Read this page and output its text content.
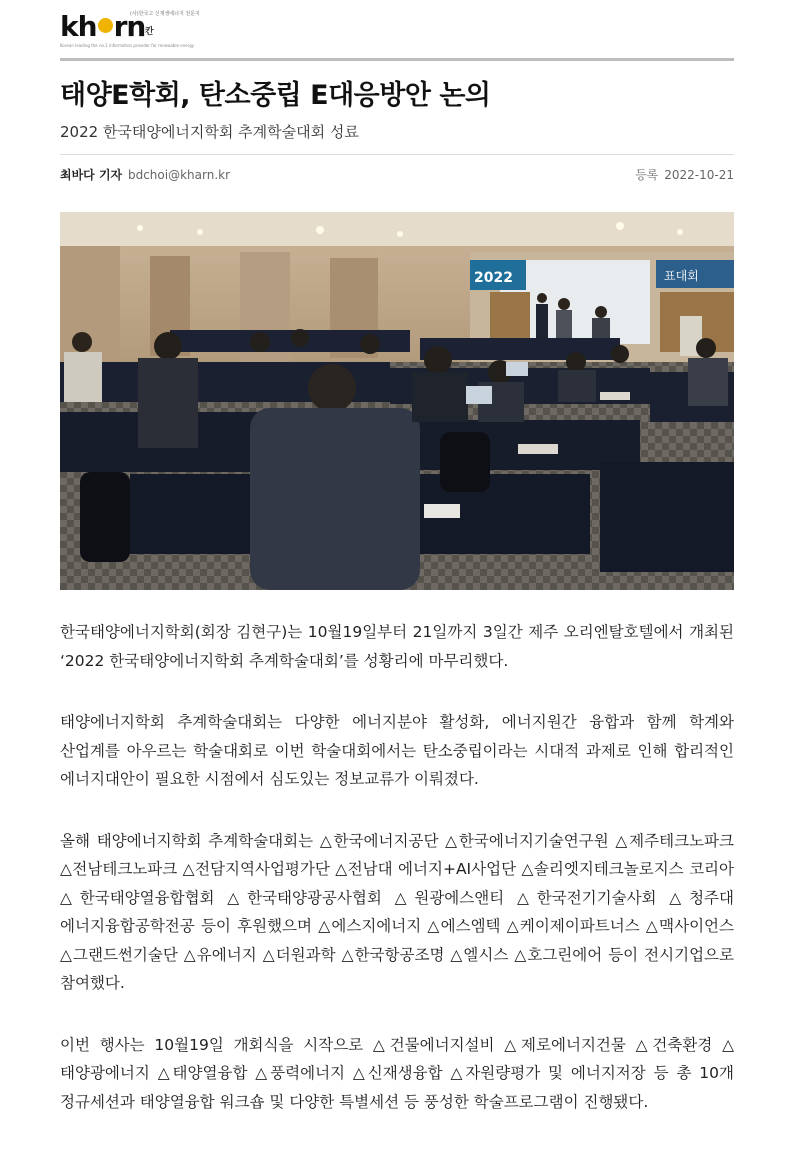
kh rn
(사)한국고 신재생에너지 전문지
칸
Korean leading the no.1 information provider for renewable energy
태양E학회, 탄소중립 E대응방안 논의
2022 한국태양에너지학회 추계학술대회 성료
최바다 기자 bdchoi@kharn.kr	등록 2022-10-21
2022	표대회

한국태양에너지학회(회장 김현구)는 10월19일부터 21일까지 3일간 제주 오리엔탈호텔에서 개최된 ‘2022 한국태양에너지학회 추계학술대회’를 성황리에 마무리했다.

태양에너지학회 추계학술대회는 다양한 에너지분야 활성화, 에너지원간 융합과 함께 학계와 산업계를 아우르는 학술대회로 이번 학술대회에서는 탄소중립이라는 시대적 과제로 인해 합리적인 에너지대안이 필요한 시점에서 심도있는 정보교류가 이뤄졌다.

올해 태양에너지학회 추계학술대회는 △한국에너지공단 △한국에너지기술연구원 △제주테크노파크 △전남테크노파크 △전담지역사업평가단 △전남대 에너지+AI사업단 △솔리엣지테크놀로지스 코리아 △한국태양열융합협회 △한국태양광공사협회 △원광에스앤티 △한국전기기술사회 △청주대 에너지융합공학전공 등이 후원했으며 △에스지에너지 △에스엠텍 △케이제이파트너스 △맥사이언스 △그랜드썬기술단 △유에너지 △더원과학 △한국항공조명 △엘시스 △호그린에어 등이 전시기업으로 참여했다.

이번 행사는 10월19일 개회식을 시작으로 △건물에너지설비 △제로에너지건물 △건축환경 △태양광에너지 △태양열융합 △풍력에너지 △신재생융합 △자원량평가 및 에너지저장 등 총 10개 정규세션과 태양열융합 워크숍 및 다양한 특별세션 등 풍성한 학술프로그램이 진행됐다.
